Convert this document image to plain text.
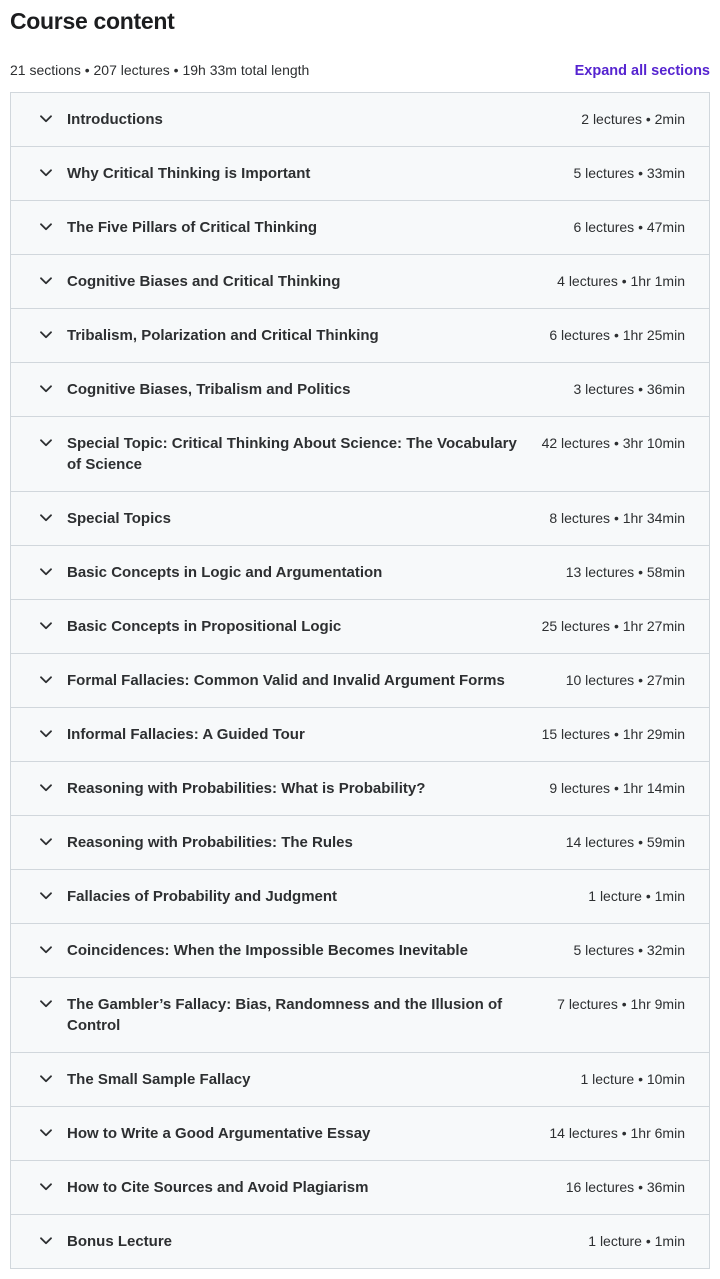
Course content
21 sections • 207 lectures • 19h 33m total length	Expand all sections
Introductions	2 lectures • 2min
Why Critical Thinking is Important	5 lectures • 33min
The Five Pillars of Critical Thinking	6 lectures • 47min
Cognitive Biases and Critical Thinking	4 lectures • 1hr 1min
Tribalism, Polarization and Critical Thinking	6 lectures • 1hr 25min
Cognitive Biases, Tribalism and Politics	3 lectures • 36min
Special Topic: Critical Thinking About Science: The Vocabulary of Science
42 lectures • 3hr 10min
Special Topics	8 lectures • 1hr 34min
Basic Concepts in Logic and Argumentation	13 lectures • 58min
Basic Concepts in Propositional Logic	25 lectures • 1hr 27min
Formal Fallacies: Common Valid and Invalid Argument Forms	10 lectures • 27min
Informal Fallacies: A Guided Tour	15 lectures • 1hr 29min
Reasoning with Probabilities: What is Probability?	9 lectures • 1hr 14min
Reasoning with Probabilities: The Rules	14 lectures • 59min
Fallacies of Probability and Judgment	1 lecture • 1min
Coincidences: When the Impossible Becomes Inevitable	5 lectures • 32min
The Gambler’s Fallacy: Bias, Randomness and the Illusion of Control
7 lectures • 1hr 9min
The Small Sample Fallacy	1 lecture • 10min
How to Write a Good Argumentative Essay	14 lectures • 1hr 6min
How to Cite Sources and Avoid Plagiarism	16 lectures • 36min
Bonus Lecture	1 lecture • 1min
